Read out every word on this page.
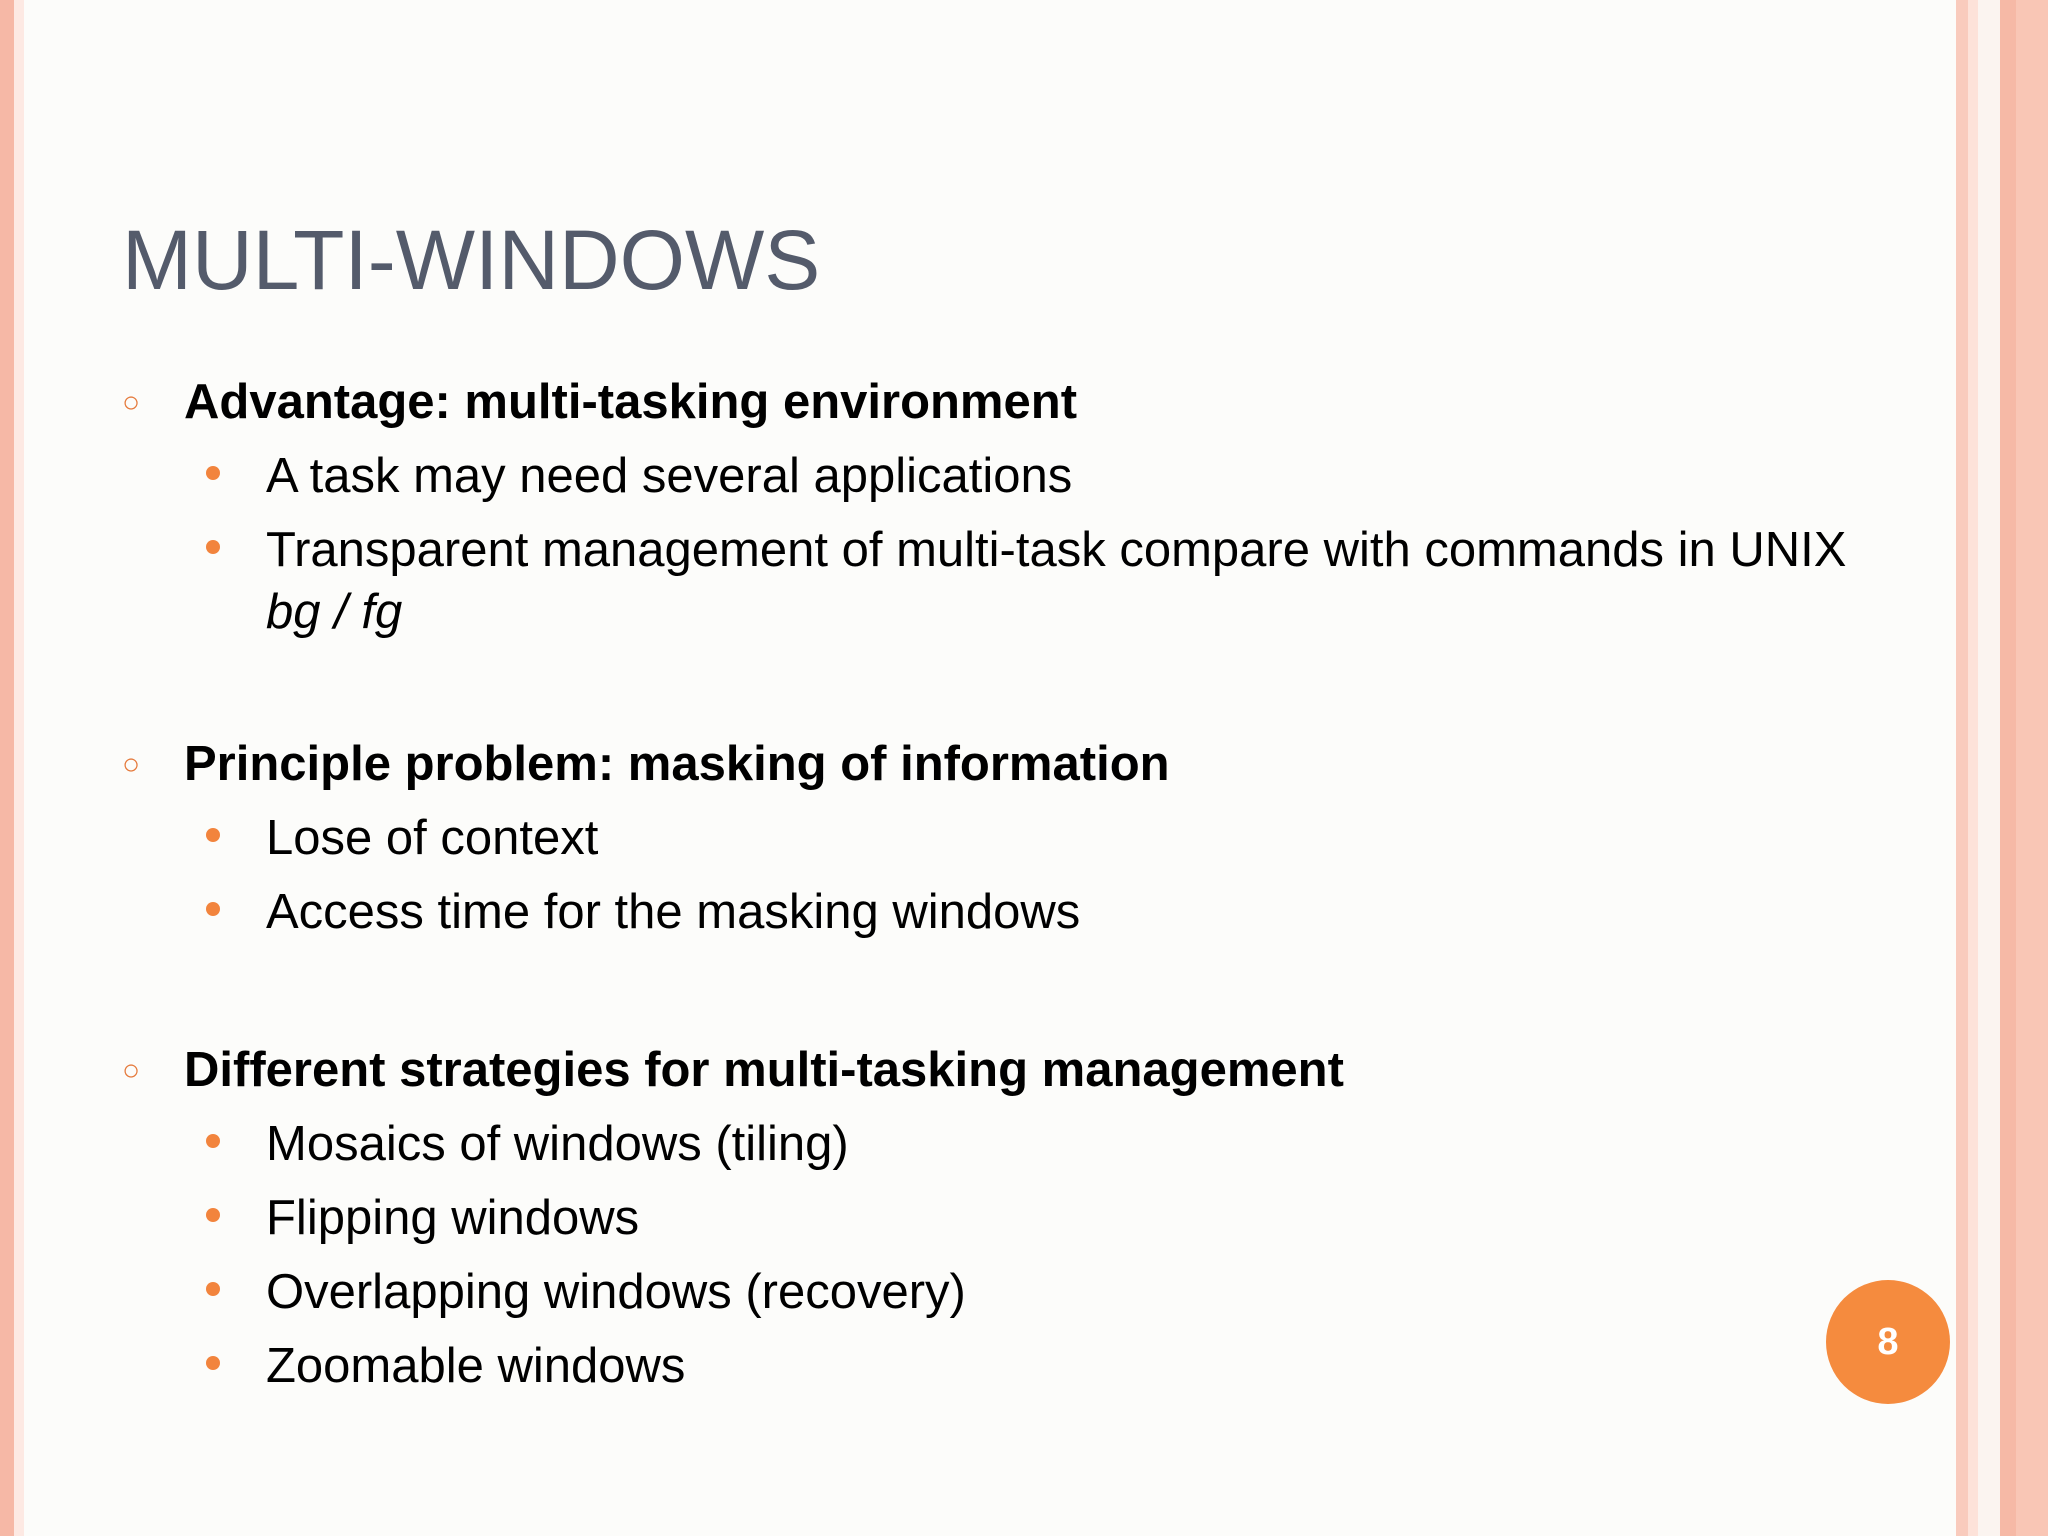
MULTI-WINDOWS
○ Advantage: multi-tasking environment
A task may need several applications
Transparent management of multi-task compare with commands in UNIX
bg / fg
○ Principle problem: masking of information
Lose of context
Access time for the masking windows
○ Different strategies for multi-tasking management
Mosaics of windows (tiling)
Flipping windows
Overlapping windows (recovery)
Zoomable windows	8
